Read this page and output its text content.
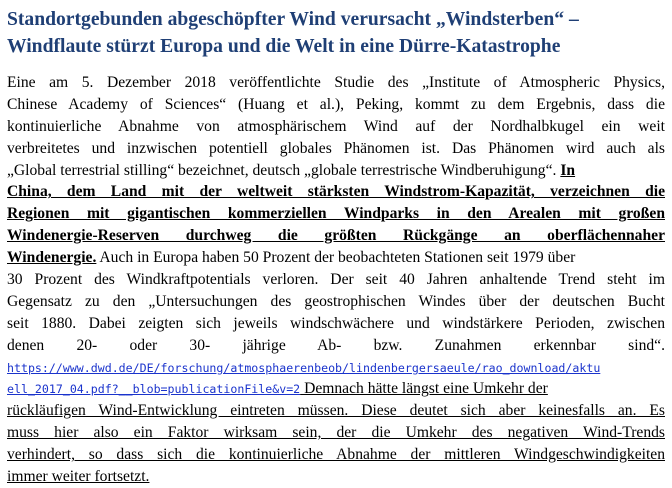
Standortgebunden abgeschöpfter Wind verursacht „Windsterben“ –
Windflaute stürzt Europa und die Welt in eine Dürre-Katastrophe
Eine am 5. Dezember 2018 veröffentlichte Studie des „Institute of Atmospheric Physics,
Chinese Academy of Sciences“ (Huang et al.), Peking, kommt zu dem Ergebnis, dass die
kontinuierliche Abnahme von atmosphärischem Wind auf der Nordhalbkugel ein weit
verbreitetes und inzwischen potentiell globales Phänomen ist. Das Phänomen wird auch als
„Global terrestrial stilling“ bezeichnet, deutsch „globale terrestrische Windberuhigung“. In
China, dem Land mit der weltweit stärksten Windstrom-Kapazität, verzeichnen die
Regionen mit gigantischen kommerziellen Windparks in den Arealen mit großen
Windenergie-Reserven durchweg die größten Rückgänge an oberflächennaher
Windenergie. Auch in Europa haben 50 Prozent der beobachteten Stationen seit 1979 über
30 Prozent des Windkraftpotentials verloren. Der seit 40 Jahren anhaltende Trend steht im
Gegensatz zu den „Untersuchungen des geostrophischen Windes über der deutschen Bucht
seit 1880. Dabei zeigten sich jeweils windschwächere und windstärkere Perioden, zwischen
denen 20- oder 30- jährige Ab- bzw. Zunahmen erkennbar sind“.
https://www.dwd.de/DE/forschung/atmosphaerenbeob/lindenbergersaeule/rao_download/aktu
ell_2017_04.pdf?__blob=publicationFile&v=2 Demnach hätte längst eine Umkehr der
rückläufigen Wind-Entwicklung eintreten müssen. Diese deutet sich aber keinesfalls an. Es
muss hier also ein Faktor wirksam sein, der die Umkehr des negativen Wind-Trends
verhindert, so dass sich die kontinuierliche Abnahme der mittleren Windgeschwindigkeiten
immer weiter fortsetzt.
